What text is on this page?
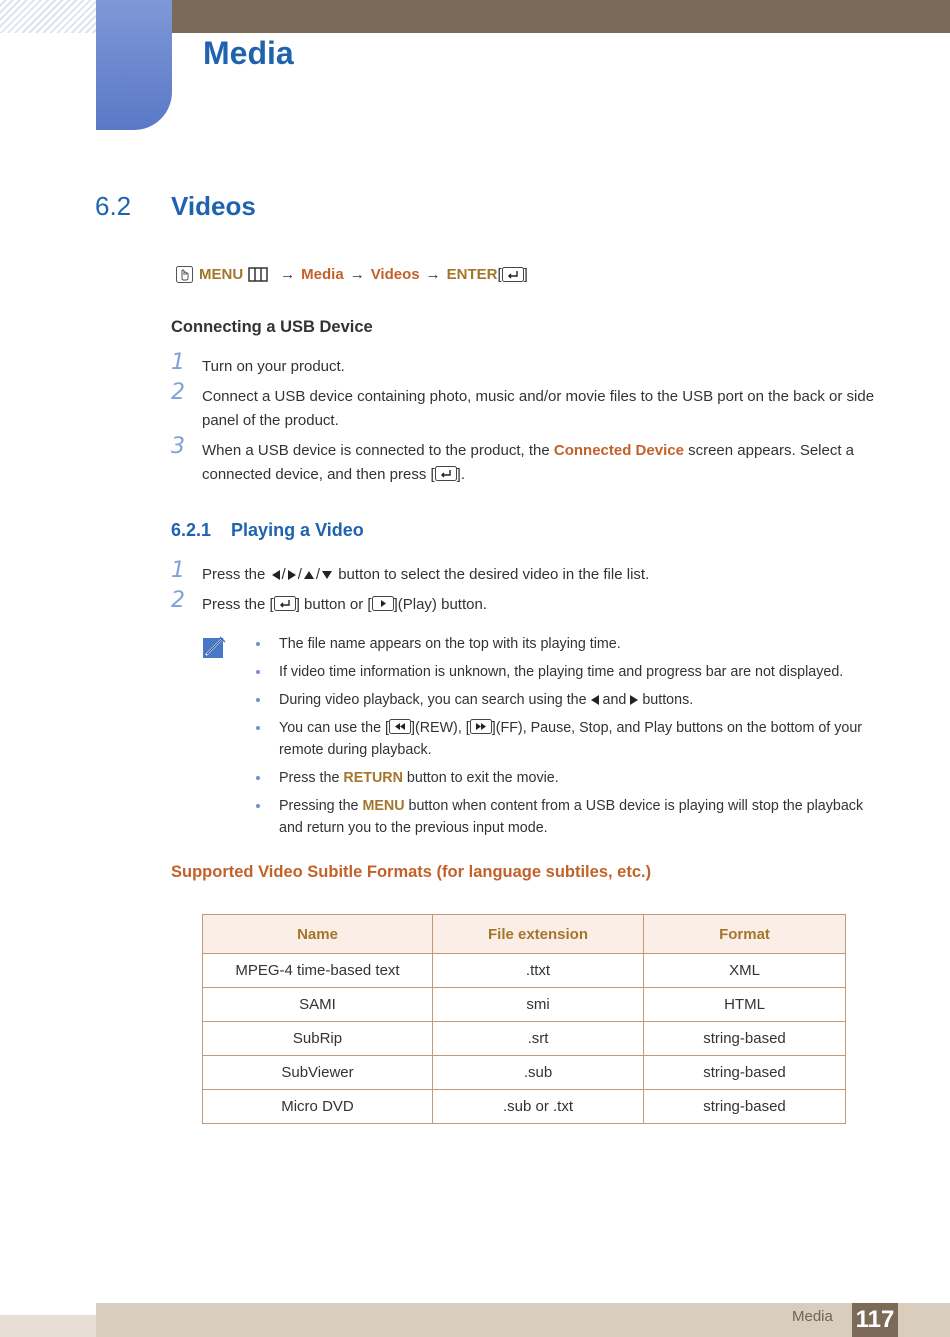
Media
6.2 Videos
MENU → Media → Videos → ENTER [ ]
Connecting a USB Device
1 Turn on your product.
2 Connect a USB device containing photo, music and/or movie files to the USB port on the back or side panel of the product.
3 When a USB device is connected to the product, the Connected Device screen appears. Select a connected device, and then press [ ].
6.2.1    Playing a Video
1 Press the / / / button to select the desired video in the file list.
2 Press the [ ] button or [ ](Play) button.
The file name appears on the top with its playing time.
If video time information is unknown, the playing time and progress bar are not displayed.
During video playback, you can search using the  and  buttons.
You can use the [ ](REW), [ ](FF), Pause, Stop, and Play buttons on the bottom of your remote during playback.
Press the RETURN button to exit the movie.
Pressing the MENU button when content from a USB device is playing will stop the playback and return you to the previous input mode.
Supported Video Subitle Formats (for language subtiles, etc.)
Name	File extension	Format
MPEG-4 time-based text	.ttxt	XML
SAMI	smi	HTML
SubRip	.srt	string-based
SubViewer	.sub	string-based
Micro DVD	.sub or .txt	string-based
Media 117
